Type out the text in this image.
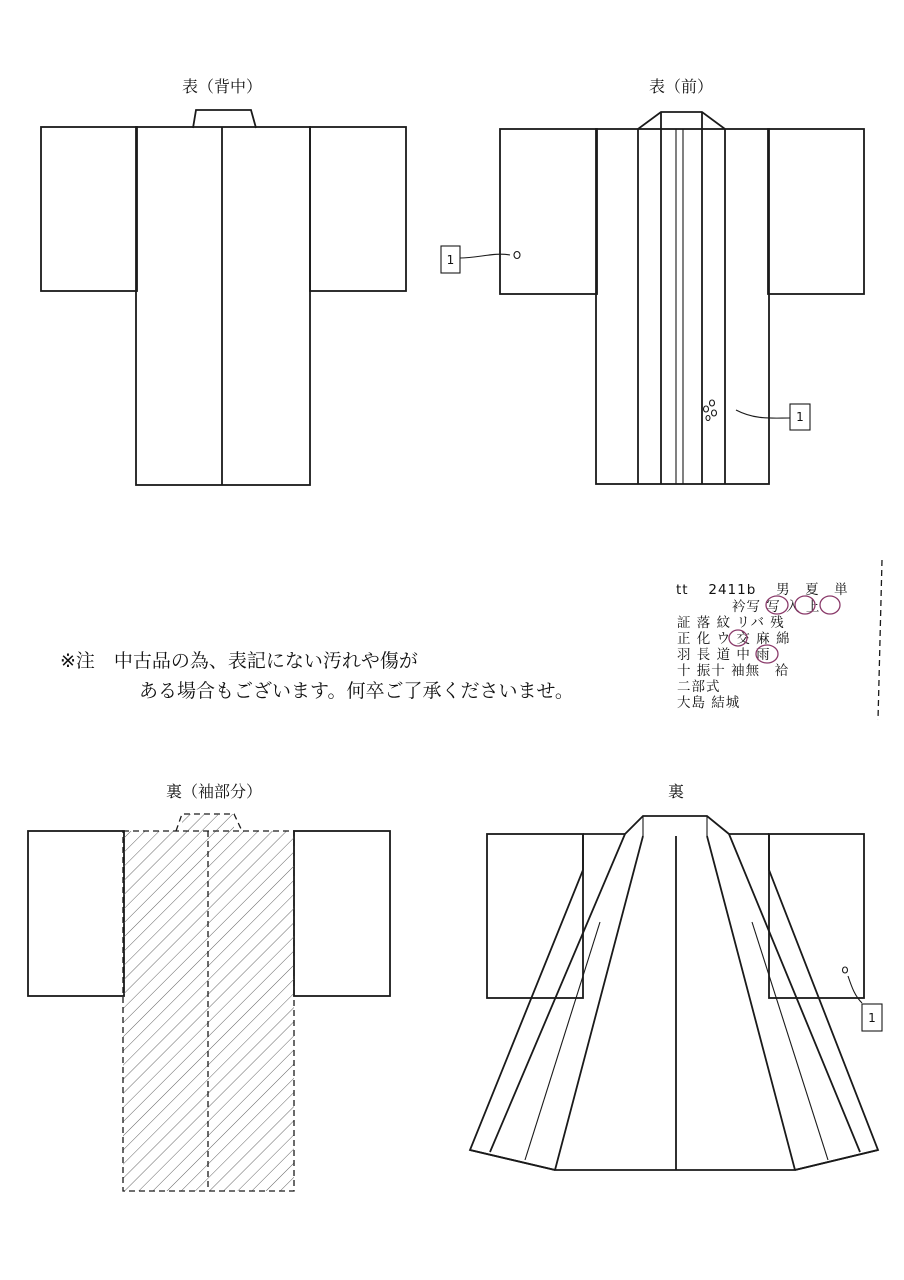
表（背中）	表（前）
1
1
※注　中古品の為、表記にない汚れや傷が
ある場合もございます。何卒ご了承くださいませ。
tt　 2411b　 男　夏　単
衿写 写 入 上
証 落 紋 リバ 残
正 化 ウ 交 麻 綿
羽 長 道 中 雨
十 振十 袖無　袷
二部式
大島 結城
裏（袖部分）	裏
1
